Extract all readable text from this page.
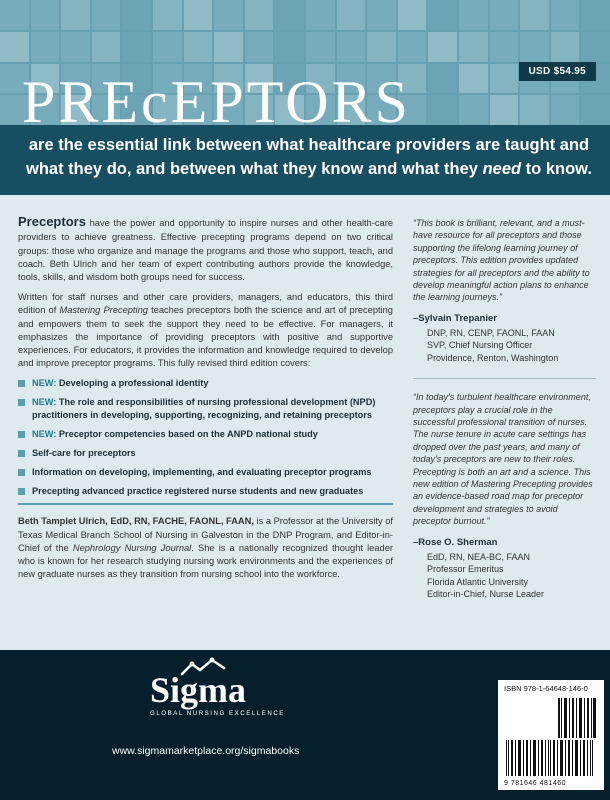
USD $54.95
PREcEPTORS
are the essential link between what healthcare providers are taught and what they do, and between what they know and what they need to know.

Preceptors have the power and opportunity to inspire nurses and other health-care providers to achieve greatness. Effective precepting programs depend on two critical groups: those who organize and manage the programs and those who support, teach, and coach. Beth Ulrich and her team of expert contributing authors provide the knowledge, tools, skills, and wisdom both groups need for success.

Written for staff nurses and other care providers, managers, and educators, this third edition of Mastering Precepting teaches preceptors both the science and art of precepting and empowers them to seek the support they need to be effective. For managers, it emphasizes the importance of providing preceptors with positive and supportive experiences. For educators, it provides the information and knowledge required to develop and improve preceptor programs. This fully revised third edition covers:

NEW: Developing a professional identity
NEW: The role and responsibilities of nursing professional development (NPD) practitioners in developing, supporting, recognizing, and retaining preceptors
NEW: Preceptor competencies based on the ANPD national study
Self-care for preceptors
Information on developing, implementing, and evaluating preceptor programs
Precepting advanced practice registered nurse students and new graduates

Beth Tamplet Ulrich, EdD, RN, FACHE, FAONL, FAAN, is a Professor at the University of Texas Medical Branch School of Nursing in Galveston in the DNP Program, and Editor-in-Chief of the Nephrology Nursing Journal. She is a nationally recognized thought leader who is known for her research studying nursing work environments and the experiences of new graduate nurses as they transition from nursing school into the workforce.

“This book is brilliant, relevant, and a must-have resource for all preceptors and those supporting the lifelong learning journey of preceptors. This edition provides updated strategies for all preceptors and the ability to develop meaningful action plans to enhance the learning journeys.”

–Sylvain Trepanier
DNP, RN, CENP, FAONL, FAAN
SVP, Chief Nursing Officer
Providence, Renton, Washington

“In today's turbulent healthcare environment, preceptors play a crucial role in the successful professional transition of nurses. The nurse tenure in acute care settings has dropped over the past years, and many of today's preceptors are new to their roles. Precepting is both an art and a science. This new edition of Mastering Precepting provides an evidence-based road map for preceptor development and strategies to avoid preceptor burnout.”

–Rose O. Sherman
EdD, RN, NEA-BC, FAAN
Professor Emeritus
Florida Atlantic University
Editor-in-Chief, Nurse Leader
Sigma
GLOBAL NURSING EXCELLENCE
www.sigmamarketplace.org/sigmabooks
ISBN 978-1-64648-146-0
9 781646 481460
